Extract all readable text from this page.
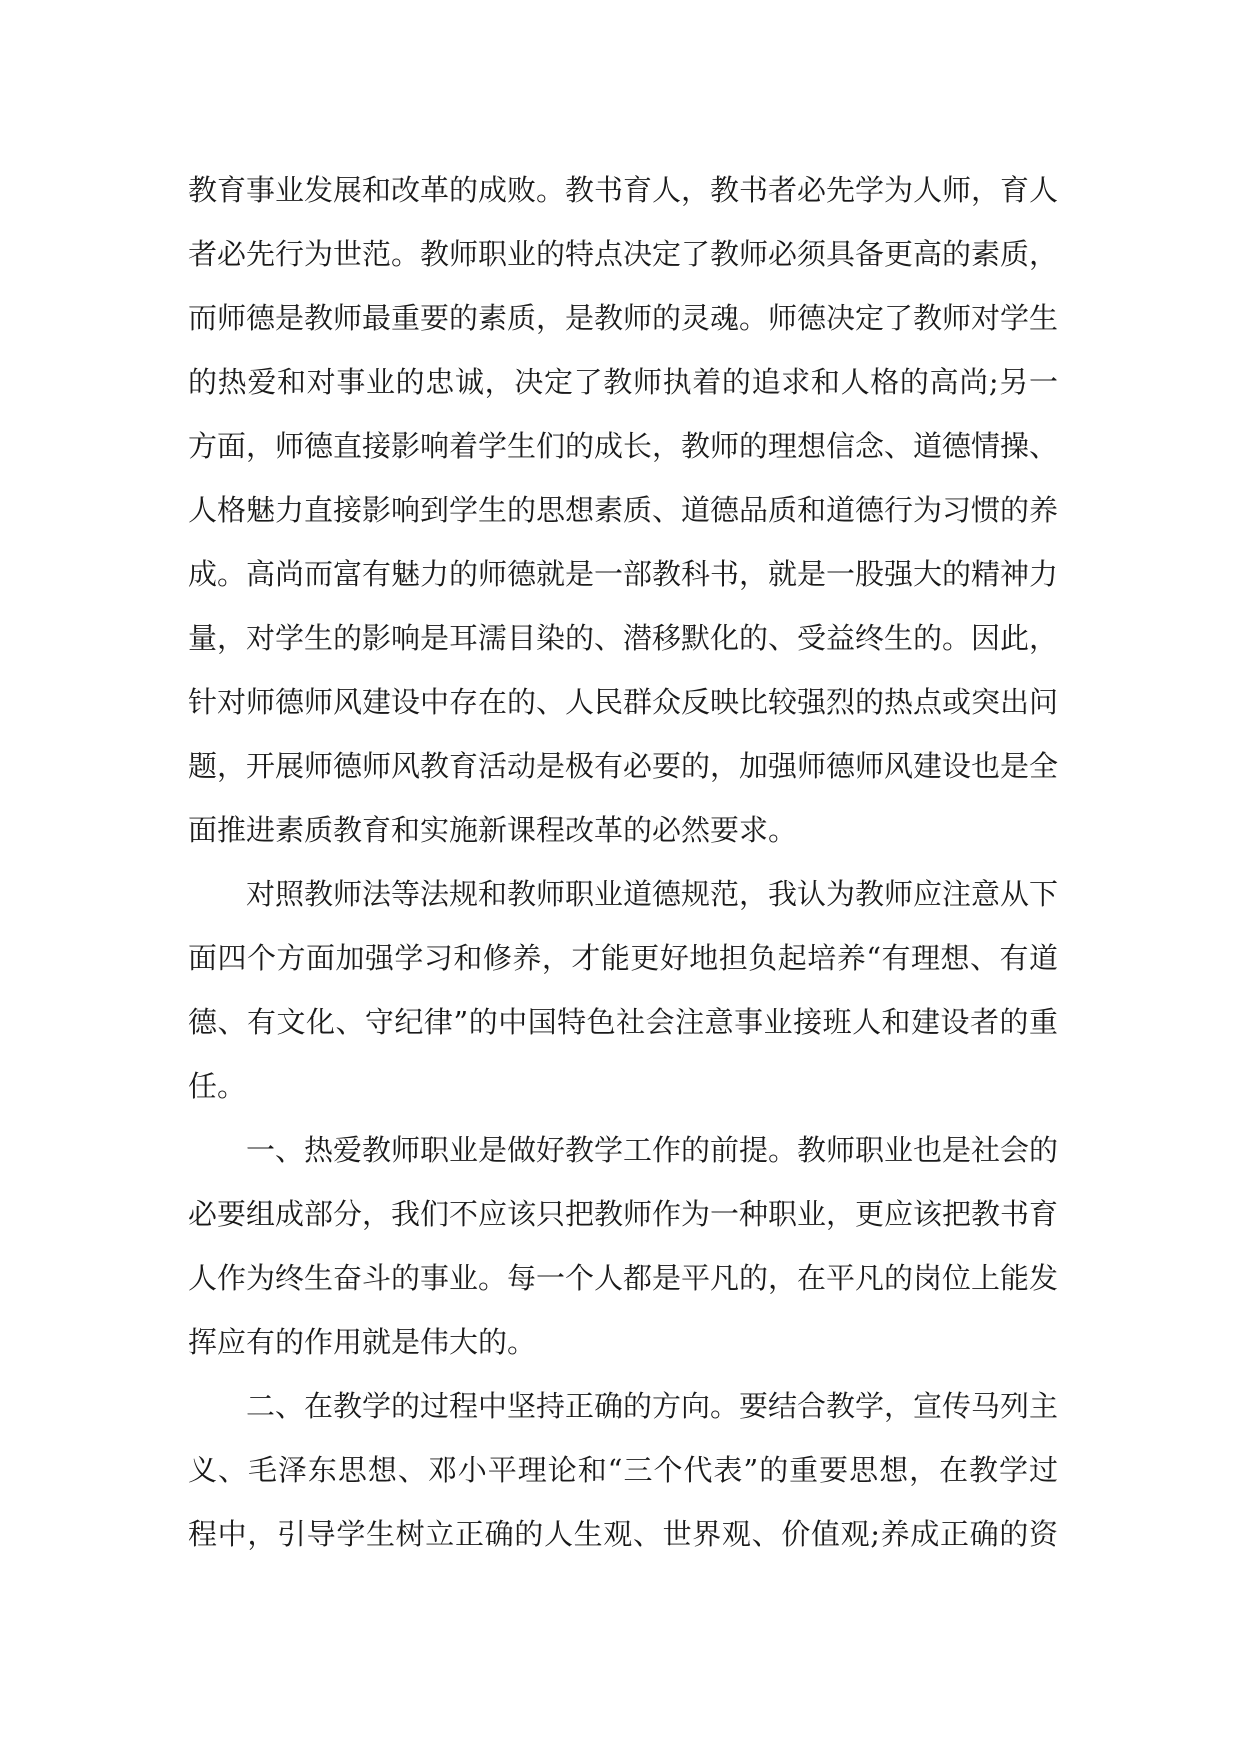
教育事业发展和改革的成败。教书育人，教书者必先学为人师，育人
者必先行为世范。教师职业的特点决定了教师必须具备更高的素质，
而师德是教师最重要的素质，是教师的灵魂。师德决定了教师对学生
的热爱和对事业的忠诚，决定了教师执着的追求和人格的高尚;另一
方面，师德直接影响着学生们的成长，教师的理想信念、道德情操、
人格魅力直接影响到学生的思想素质、道德品质和道德行为习惯的养
成。高尚而富有魅力的师德就是一部教科书，就是一股强大的精神力
量，对学生的影响是耳濡目染的、潜移默化的、受益终生的。因此，
针对师德师风建设中存在的、人民群众反映比较强烈的热点或突出问
题，开展师德师风教育活动是极有必要的，加强师德师风建设也是全
面推进素质教育和实施新课程改革的必然要求。
对照教师法等法规和教师职业道德规范，我认为教师应注意从下
面四个方面加强学习和修养，才能更好地担负起培养“有理想、有道
德、有文化、守纪律”的中国特色社会注意事业接班人和建设者的重
任。
一、热爱教师职业是做好教学工作的前提。教师职业也是社会的
必要组成部分，我们不应该只把教师作为一种职业，更应该把教书育
人作为终生奋斗的事业。每一个人都是平凡的，在平凡的岗位上能发
挥应有的作用就是伟大的。
二、在教学的过程中坚持正确的方向。要结合教学，宣传马列主
义、毛泽东思想、邓小平理论和“三个代表”的重要思想，在教学过
程中，引导学生树立正确的人生观、世界观、价值观;养成正确的资
